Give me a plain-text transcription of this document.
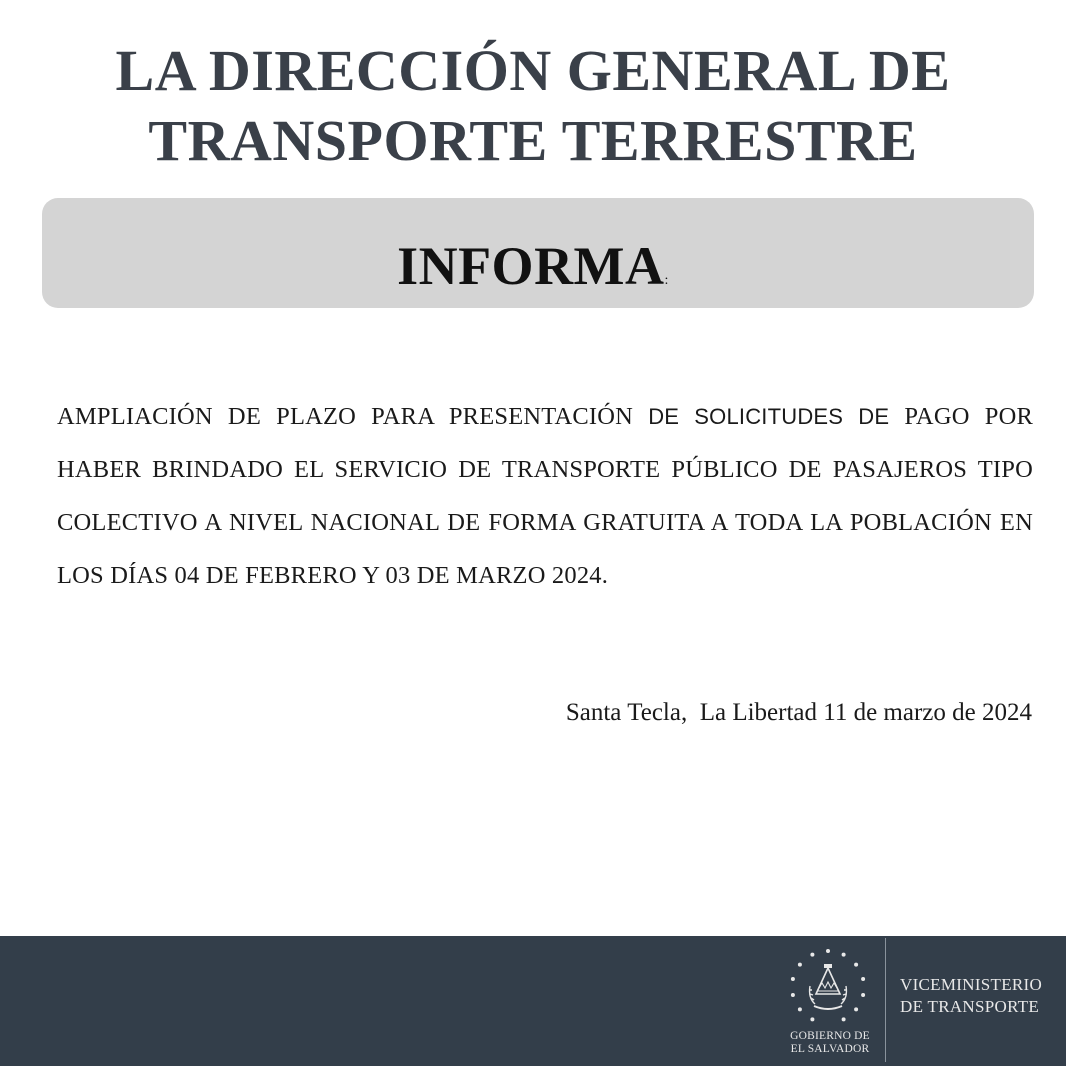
LA DIRECCIÓN GENERAL DE
TRANSPORTE TERRESTRE
INFORMA:
AMPLIACIÓN DE PLAZO PARA PRESENTACIÓN DE SOLICITUDES DE PAGO POR HABER BRINDADO EL SERVICIO DE TRANSPORTE PÚBLICO DE PASAJEROS TIPO COLECTIVO A NIVEL NACIONAL DE FORMA GRATUITA A TODA LA POBLACIÓN EN LOS DÍAS 04 DE FEBRERO Y 03 DE MARZO 2024.
Santa Tecla,  La Libertad 11 de marzo de 2024
GOBIERNO DE
EL SALVADOR
VICEMINISTERIO
DE TRANSPORTE
